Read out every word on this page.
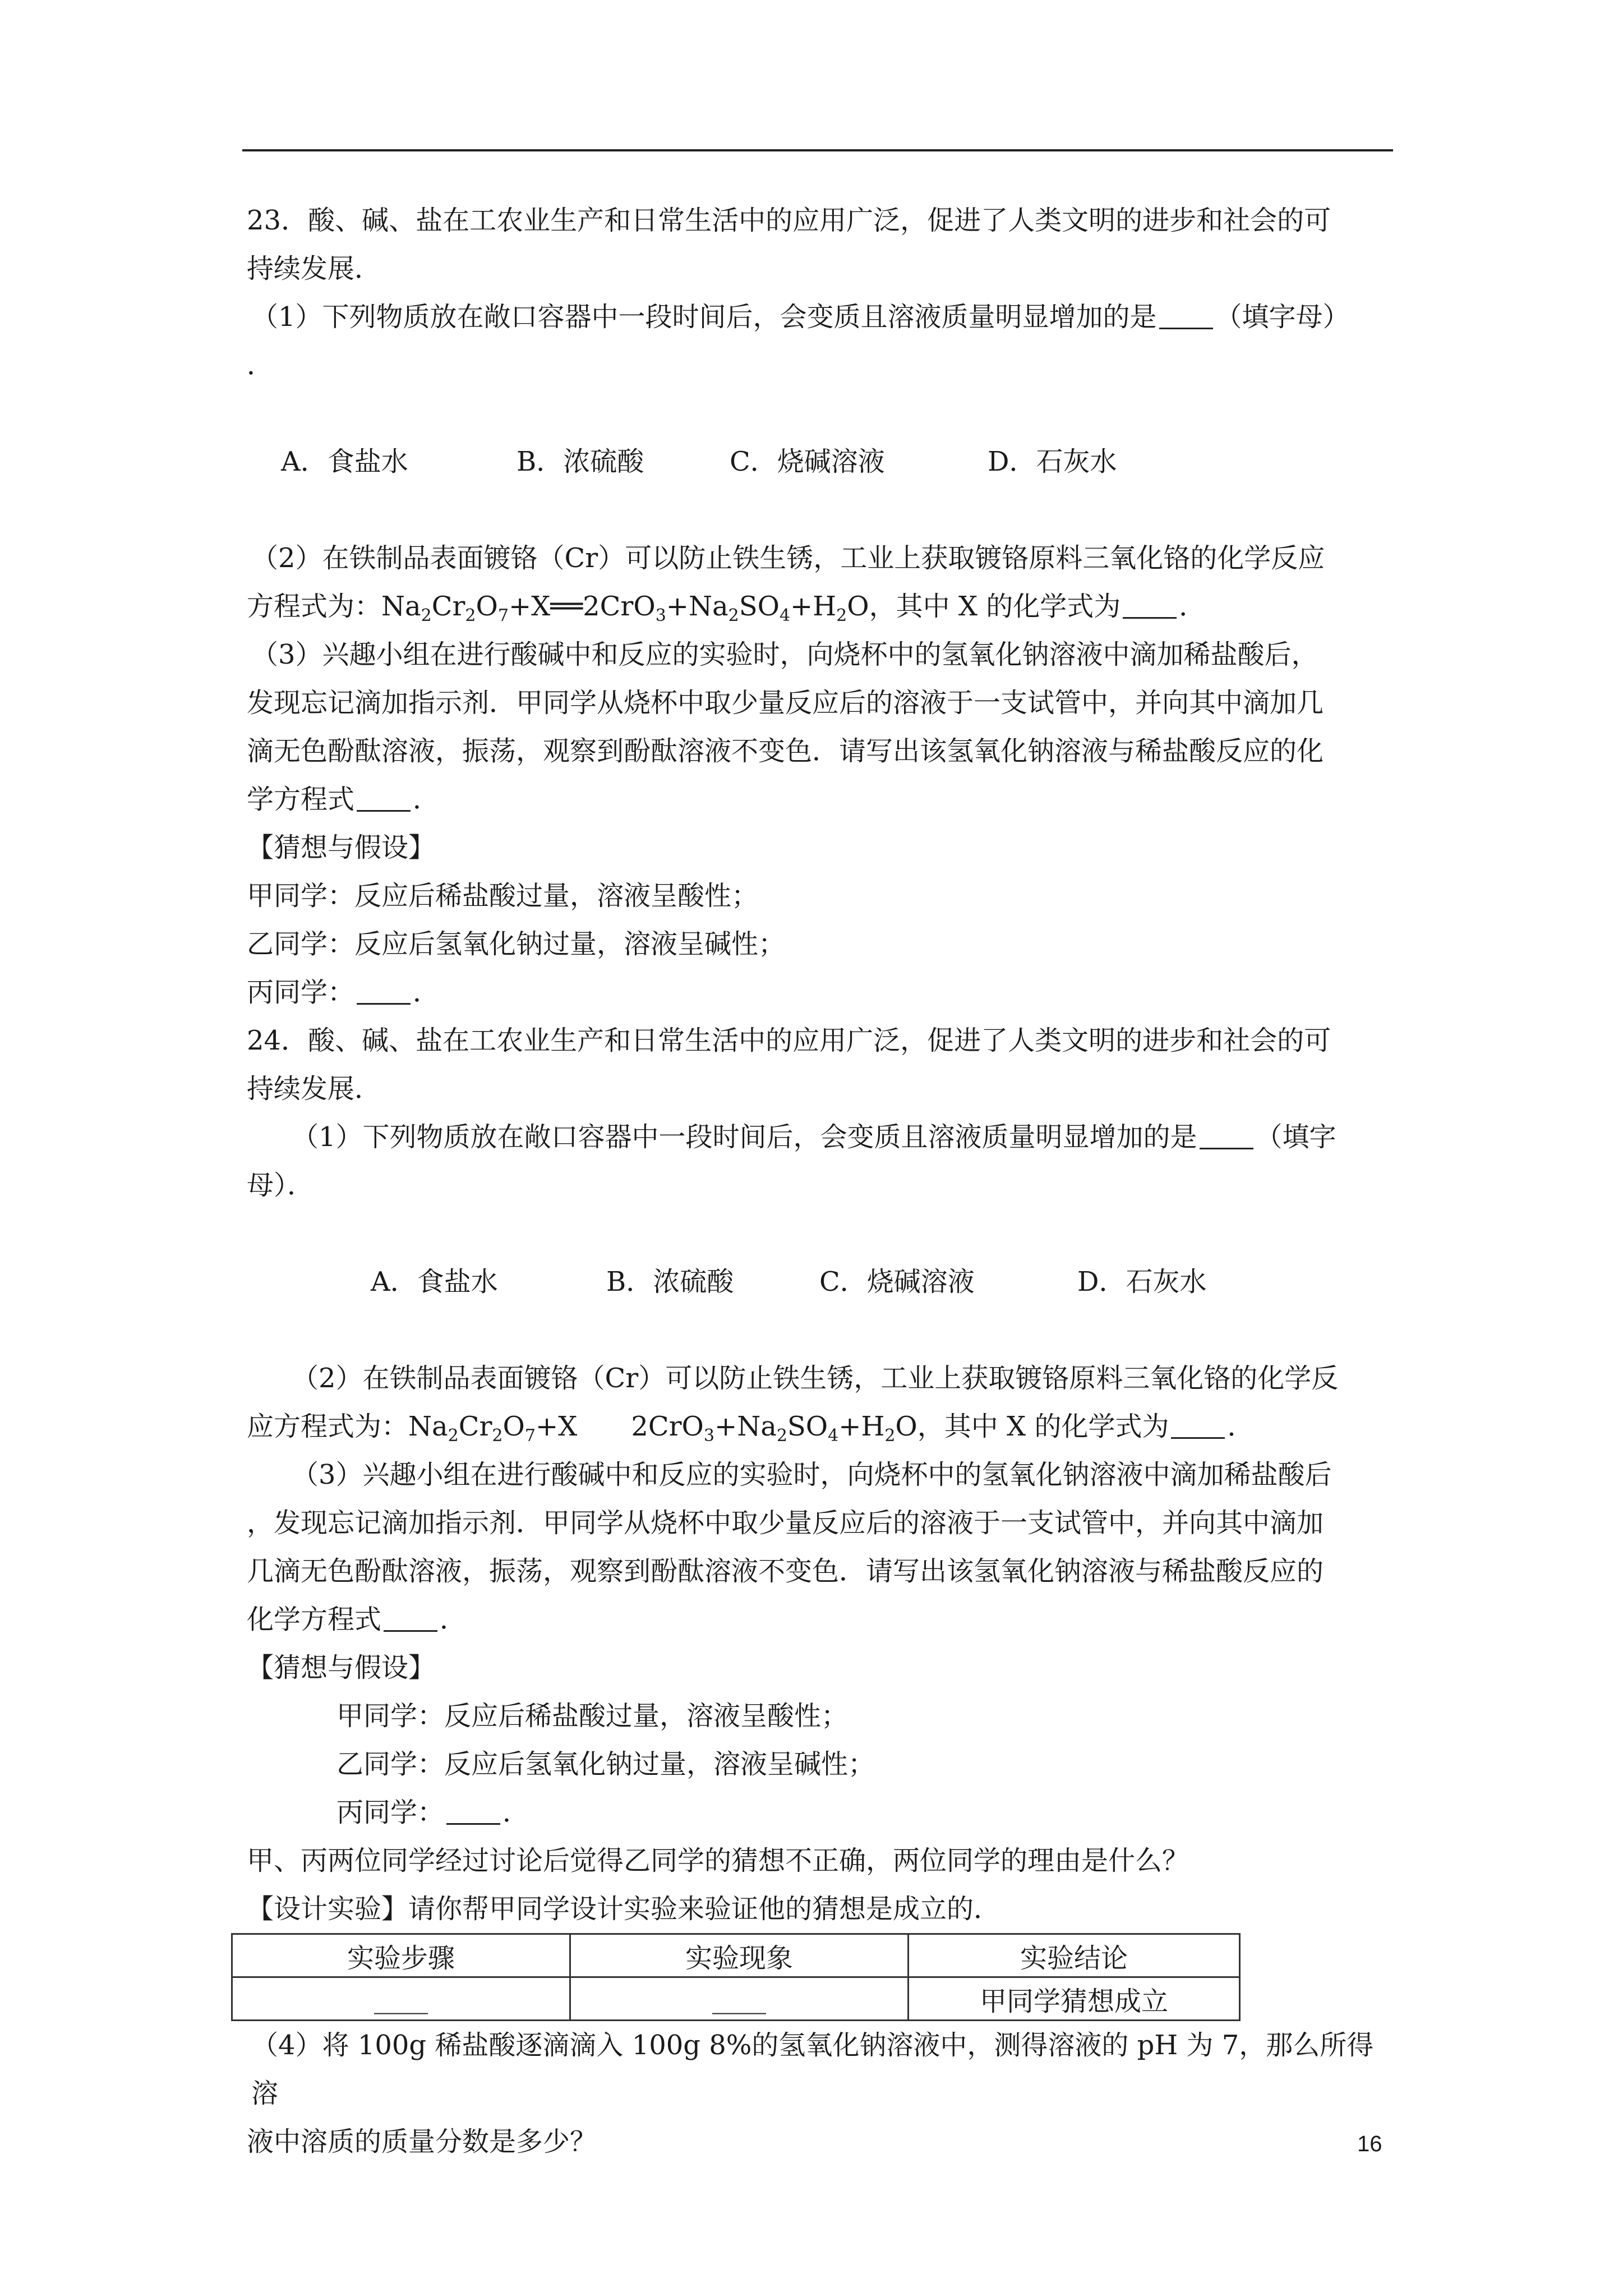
23．酸、碱、盐在工农业生产和日常生活中的应用广泛，促进了人类文明的进步和社会的可

持续发展．

（1）下列物质放在敞口容器中一段时间后，会变质且溶液质量明显增加的是 （填字母）

．

A．食盐水	B．浓硫酸	C．烧碱溶液	D．石灰水

（2）在铁制品表面镀铬（Cr）可以防止铁生锈，工业上获取镀铬原料三氧化铬的化学反应

方程式为：$Na_2Cr_2O_7+X══2CrO_3+Na_2SO_4+H_2O$，其中 X 的化学式为 ．

（3）兴趣小组在进行酸碱中和反应的实验时，向烧杯中的氢氧化钠溶液中滴加稀盐酸后，

发现忘记滴加指示剂．甲同学从烧杯中取少量反应后的溶液于一支试管中，并向其中滴加几

滴无色酚酞溶液，振荡，观察到酚酞溶液不变色．请写出该氢氧化钠溶液与稀盐酸反应的化

学方程式 ．

【猜想与假设】

甲同学：反应后稀盐酸过量，溶液呈酸性；

乙同学：反应后氢氧化钠过量，溶液呈碱性；

丙同学： ．

24．酸、碱、盐在工农业生产和日常生活中的应用广泛，促进了人类文明的进步和社会的可

持续发展．

（1）下列物质放在敞口容器中一段时间后，会变质且溶液质量明显增加的是 （填字

母）．

A．食盐水	B．浓硫酸	C．烧碱溶液	D．石灰水

（2）在铁制品表面镀铬（Cr）可以防止铁生锈，工业上获取镀铬原料三氧化铬的化学反

应方程式为：$Na_2Cr_2O_7+X$ $2CrO_3+Na_2SO_4+H_2O$，其中 X 的化学式为 ．

（3）兴趣小组在进行酸碱中和反应的实验时，向烧杯中的氢氧化钠溶液中滴加稀盐酸后

，发现忘记滴加指示剂．甲同学从烧杯中取少量反应后的溶液于一支试管中，并向其中滴加

几滴无色酚酞溶液，振荡，观察到酚酞溶液不变色．请写出该氢氧化钠溶液与稀盐酸反应的

化学方程式 ．

【猜想与假设】

甲同学：反应后稀盐酸过量，溶液呈酸性；

乙同学：反应后氢氧化钠过量，溶液呈碱性；

丙同学： ．

甲、丙两位同学经过讨论后觉得乙同学的猜想不正确，两位同学的理由是什么？

【设计实验】请你帮甲同学设计实验来验证他的猜想是成立的．

实验步骤	实验现象	实验结论
____	____	甲同学猜想成立

（4）将 100g 稀盐酸逐滴滴入 100g 8%的氢氧化钠溶液中，测得溶液的 pH 为 7，那么所得溶

液中溶质的质量分数是多少？	16
